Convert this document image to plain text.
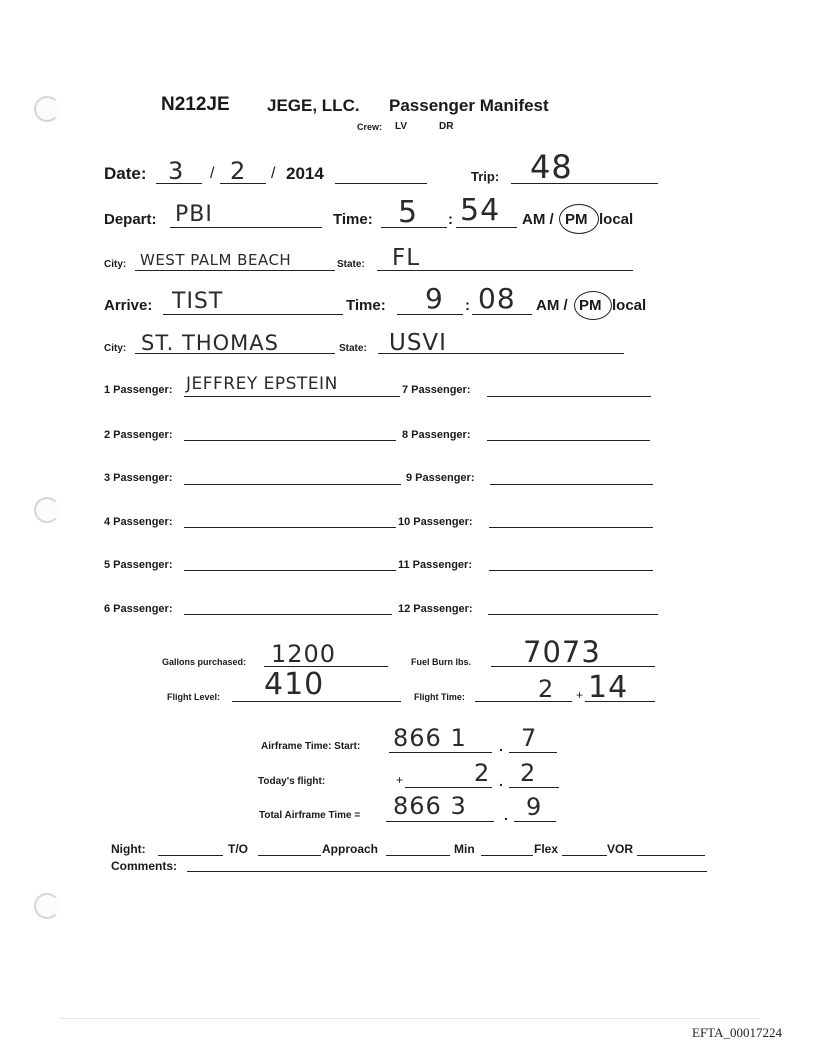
N212JE JEGE, LLC. Passenger Manifest
Crew: LV	DR
Date: 3 / 2 / 2014	Trip: 48
Depart: PBI	Time: 5 : 54 AM / PM local
City: WEST PALM BEACH	State: FL
Arrive: TIST	Time: 9 : 08 AM / PM local
City: ST. THOMAS	State: USVI
1 Passenger: JEFFREY EPSTEIN
2 Passenger:
3 Passenger:
4 Passenger:
5 Passenger:
6 Passenger:
7 Passenger:
8 Passenger:
9 Passenger:
10 Passenger:
11 Passenger:
12 Passenger:
Gallons purchased: 1200	Fuel Burn lbs. 7073
Flight Level: 410	Flight Time:	2 + 14
Airframe Time: Start: 866 1 . 7
Today's flight:	+	2 . 2
Total Airframe Time = 866 3	. 9
Night:	T/O	Approach	Min	Flex	VOR
Comments:
EFTA_00017224
